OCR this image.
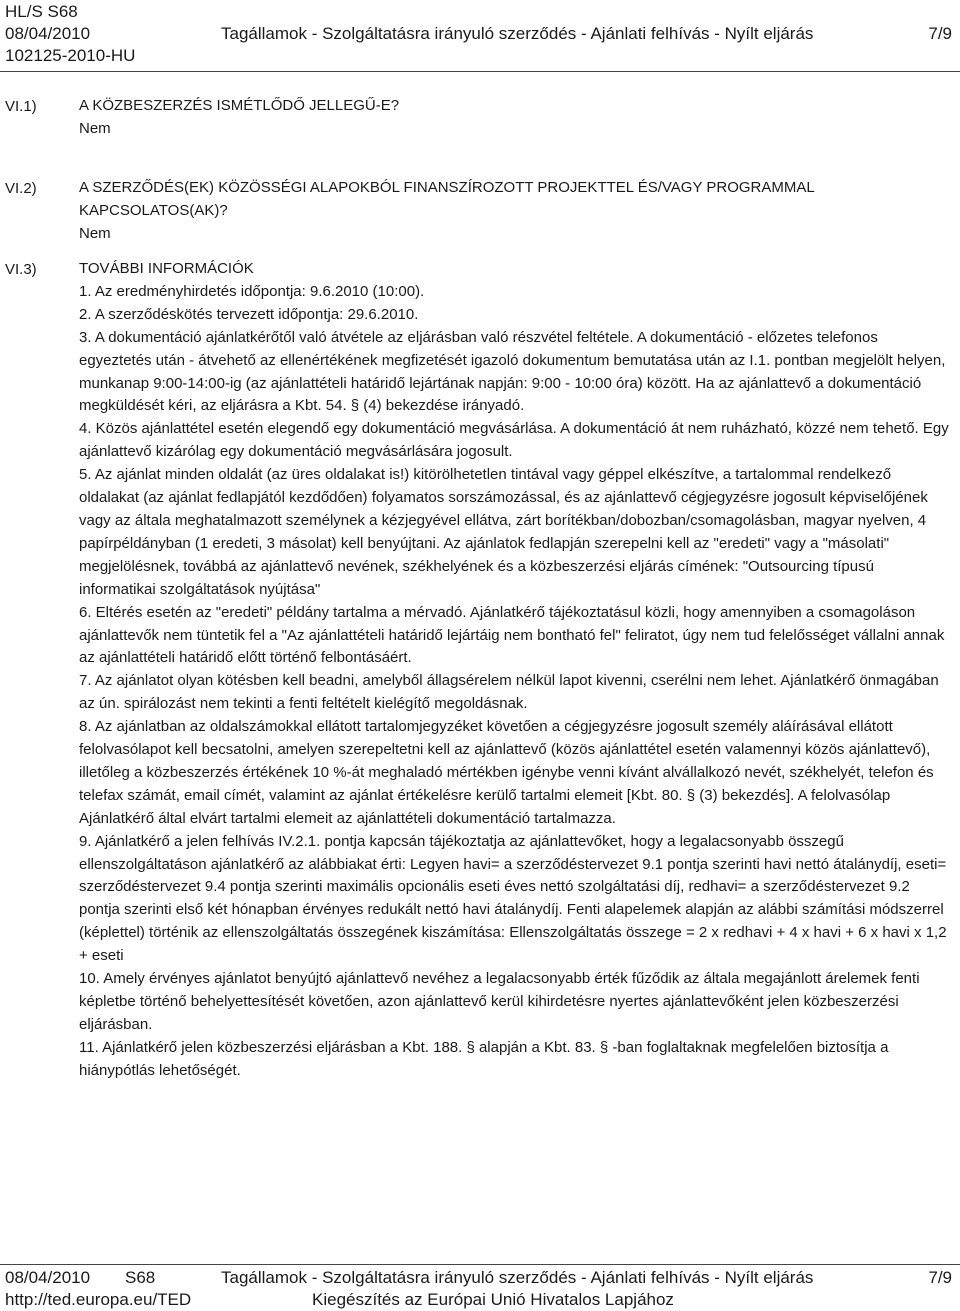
HL/S S68
08/04/2010
102125-2010-HU
Tagállamok - Szolgáltatásra irányuló szerződés - Ajánlati felhívás - Nyílt eljárás	7/9
VI.1)	A KÖZBESZERZÉS ISMÉTLŐDŐ JELLEGŰ-E?

Nem

VI.2)	A SZERZŐDÉS(EK) KÖZÖSSÉGI ALAPOKBÓL FINANSZÍROZOTT PROJEKTTEL ÉS/VAGY PROGRAMMAL KAPCSOLATOS(AK)?

Nem

VI.3)	TOVÁBBI INFORMÁCIÓK

1. Az eredményhirdetés időpontja: 9.6.2010 (10:00).

2. A szerződéskötés tervezett időpontja: 29.6.2010.

3. A dokumentáció ajánlatkérőtől való átvétele az eljárásban való részvétel feltétele. A dokumentáció - előzetes telefonos egyeztetés után - átvehető az ellenértékének megfizetését igazoló dokumentum bemutatása után az I.1. pontban megjelölt helyen, munkanap 9:00-14:00-ig (az ajánlattételi határidő lejártának napján: 9:00 - 10:00 óra) között. Ha az ajánlattevő a dokumentáció megküldését kéri, az eljárásra a Kbt. 54. § (4) bekezdése irányadó.

4. Közös ajánlattétel esetén elegendő egy dokumentáció megvásárlása. A dokumentáció át nem ruházható, közzé nem tehető. Egy ajánlattevő kizárólag egy dokumentáció megvásárlására jogosult.

5. Az ajánlat minden oldalát (az üres oldalakat is!) kitörölhetetlen tintával vagy géppel elkészítve, a tartalommal rendelkező oldalakat (az ajánlat fedlapjától kezdődően) folyamatos sorszámozással, és az ajánlattevő cégjegyzésre jogosult képviselőjének vagy az általa meghatalmazott személynek a kézjegyével ellátva, zárt borítékban/dobozban/csomagolásban, magyar nyelven, 4 papírpéldányban (1 eredeti, 3 másolat) kell benyújtani. Az ajánlatok fedlapján szerepelni kell az "eredeti" vagy a "másolati" megjelölésnek, továbbá az ajánlattevő nevének, székhelyének és a közbeszerzési eljárás címének: "Outsourcing típusú informatikai szolgáltatások nyújtása"

6. Eltérés esetén az "eredeti" példány tartalma a mérvadó. Ajánlatkérő tájékoztatásul közli, hogy amennyiben a csomagoláson ajánlattevők nem tüntetik fel a "Az ajánlattételi határidő lejártáig nem bontható fel" feliratot, úgy nem tud felelősséget vállalni annak az ajánlattételi határidő előtt történő felbontásáért.

7. Az ajánlatot olyan kötésben kell beadni, amelyből állagsérelem nélkül lapot kivenni, cserélni nem lehet. Ajánlatkérő önmagában az ún. spirálozást nem tekinti a fenti feltételt kielégítő megoldásnak.

8. Az ajánlatban az oldalszámokkal ellátott tartalomjegyzéket követően a cégjegyzésre jogosult személy aláírásával ellátott felolvasólapot kell becsatolni, amelyen szerepeltetni kell az ajánlattevő (közös ajánlattétel esetén valamennyi közös ajánlattevő), illetőleg a közbeszerzés értékének 10 %-át meghaladó mértékben igénybe venni kívánt alvállalkozó nevét, székhelyét, telefon és telefax számát, email címét, valamint az ajánlat értékelésre kerülő tartalmi elemeit [Kbt. 80. § (3) bekezdés]. A felolvasólap Ajánlatkérő által elvárt tartalmi elemeit az ajánlattételi dokumentáció tartalmazza.

9. Ajánlatkérő a jelen felhívás IV.2.1. pontja kapcsán tájékoztatja az ajánlattevőket, hogy a legalacsonyabb összegű ellenszolgáltatáson ajánlatkérő az alábbiakat érti: Legyen havi= a szerződéstervezet 9.1 pontja szerinti havi nettó átalánydíj, eseti= szerződéstervezet 9.4 pontja szerinti maximális opcionális eseti éves nettó szolgáltatási díj, redhavi= a szerződéstervezet 9.2 pontja szerinti első két hónapban érvényes redukált nettó havi átalánydíj. Fenti alapelemek alapján az alábbi számítási módszerrel (képlettel) történik az ellenszolgáltatás összegének kiszámítása: Ellenszolgáltatás összege = 2 x redhavi + 4 x havi + 6 x havi x 1,2 + eseti

10. Amely érvényes ajánlatot benyújtó ajánlattevő nevéhez a legalacsonyabb érték fűződik az általa megajánlott árelemek fenti képletbe történő behelyettesítését követően, azon ajánlattevő kerül kihirdetésre nyertes ajánlattevőként jelen közbeszerzési eljárásban.

11. Ajánlatkérő jelen közbeszerzési eljárásban a Kbt. 188. § alapján a Kbt. 83. § -ban foglaltaknak megfelelően biztosítja a hiánypótlás lehetőségét.

08/04/2010 S68	Tagállamok - Szolgáltatásra irányuló szerződés - Ajánlati felhívás - Nyílt eljárás	7/9
http://ted.europa.eu/TED	Kiegészítés az Európai Unió Hivatalos Lapjához
